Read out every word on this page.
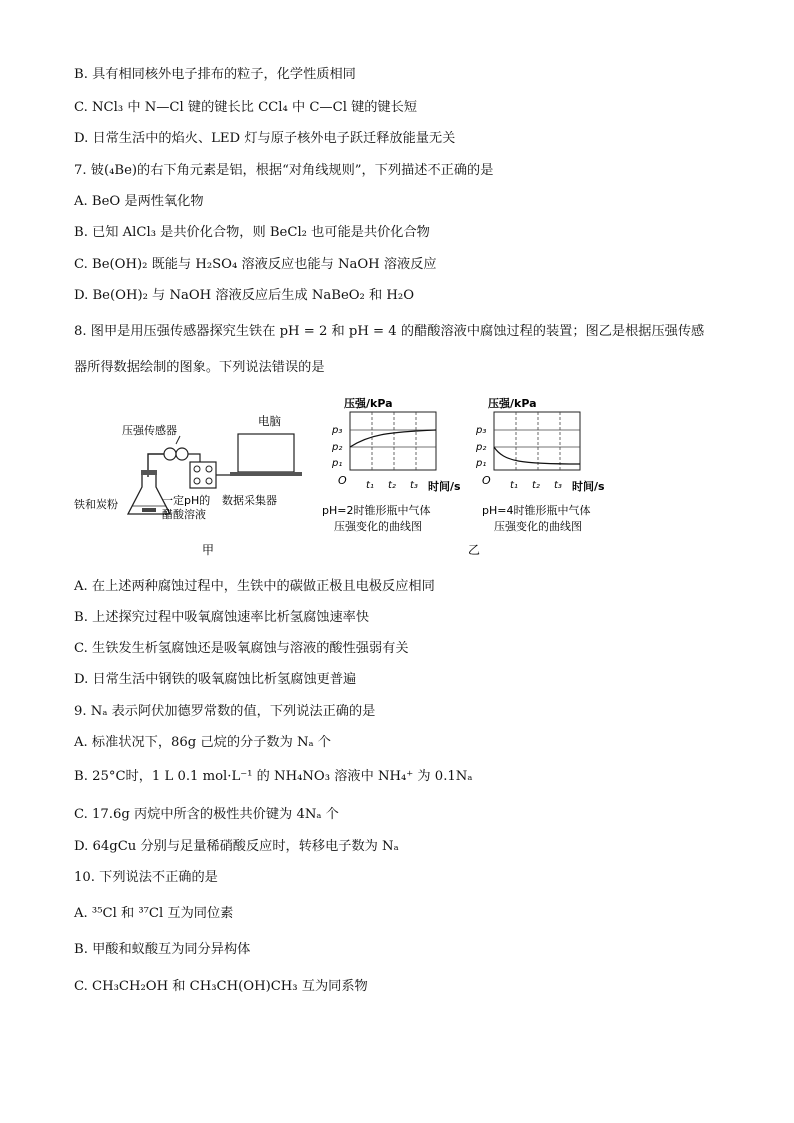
B. 具有相同核外电子排布的粒子，化学性质相同
C. NCl₃ 中 N—Cl 键的键长比 CCl₄ 中 C—Cl 键的键长短
D. 日常生活中的焰火、LED 灯与原子核外电子跃迁释放能量无关
7. 铍(₄Be)的右下角元素是铝，根据“对角线规则”，下列描述不正确的是
A. BeO 是两性氧化物
B. 已知 AlCl₃ 是共价化合物，则 BeCl₂ 也可能是共价化合物
C. Be(OH)₂ 既能与 H₂SO₄ 溶液反应也能与 NaOH 溶液反应
D. Be(OH)₂ 与 NaOH 溶液反应后生成 NaBeO₂ 和 H₂O
8. 图甲是用压强传感器探究生铁在 pH = 2 和 pH = 4 的醋酸溶液中腐蚀过程的装置；图乙是根据压强传感
器所得数据绘制的图象。下列说法错误的是
压强传感器
电脑
铁和炭粉	一定pH的
醋酸溶液
数据采集器
甲
压强/kPa
p₃
p₂
p₁
O t₁ t₂ t₃ 时间/s
pH=2时锥形瓶中气体
压强变化的曲线图
压强/kPa
p₃
p₂
p₁
O t₁ t₂ t₃ 时间/s
pH=4时锥形瓶中气体
压强变化的曲线图
乙
A. 在上述两种腐蚀过程中，生铁中的碳做正极且电极反应相同
B. 上述探究过程中吸氧腐蚀速率比析氢腐蚀速率快
C. 生铁发生析氢腐蚀还是吸氧腐蚀与溶液的酸性强弱有关
D. 日常生活中钢铁的吸氧腐蚀比析氢腐蚀更普遍
9. Nₐ 表示阿伏加德罗常数的值，下列说法正确的是
A. 标准状况下，86g 己烷的分子数为 Nₐ 个
B. 25°C时，1 L 0.1 mol·L⁻¹ 的 NH₄NO₃ 溶液中 NH₄⁺ 为 0.1Nₐ
C. 17.6g 丙烷中所含的极性共价键为 4Nₐ 个
D. 64gCu 分别与足量稀硝酸反应时，转移电子数为 Nₐ
10. 下列说法不正确的是
A. ³⁵Cl 和 ³⁷Cl 互为同位素
B. 甲酸和蚁酸互为同分异构体
C. CH₃CH₂OH 和 CH₃CH(OH)CH₃ 互为同系物
